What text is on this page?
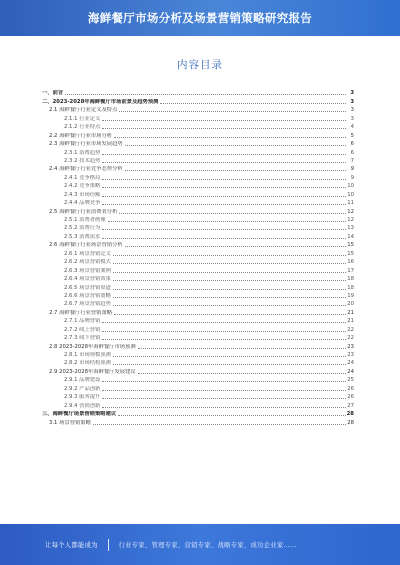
海鲜餐厅市场分析及场景营销策略研究报告
内容目录
一、前言	3
二、2023-2028年海鲜餐厅市场前景及趋势预测	3
2.1 海鲜餐厅行业定义及特点	3
2.1.1 行业定义	3
2.1.2 行业特点	4
2.2 海鲜餐厅行业市场分析	5
2.3 海鲜餐厅行业市场发展趋势	6
2.3.1 消费趋势	6
2.3.2 技术趋势	7
2.4 海鲜餐厅行业竞争态势分析	9
2.4.1 竞争格局	9
2.4.2 竞争策略	10
2.4.3 市场份额	10
2.4.4 品牌竞争	11
2.5 海鲜餐厅行业消费者分析	12
2.5.1 消费者画像	12
2.5.2 消费行为	13
2.5.3 消费需求	14
2.6 海鲜餐厅行业场景营销分析	15
2.6.1 场景营销定义	15
2.6.2 场景营销模式	16
2.6.3 场景营销案例	17
2.6.4 场景营销效果	18
2.6.5 场景营销渠道	18
2.6.6 场景营销策略	19
2.6.7 场景营销趋势	20
2.7 海鲜餐厅行业营销策略	21
2.7.1 品牌营销	21
2.7.2 线上营销	22
2.7.3 线下营销	22
2.8 2023-2028年海鲜餐厅市场预测	23
2.8.1 市场规模预测	23
2.8.2 市场结构预测	24
2.9 2023-2028年海鲜餐厅发展建议	24
2.9.1 品牌建设	25
2.9.2 产品创新	26
2.9.3 服务提升	26
2.9.4 营销创新	27
三、海鲜餐厅场景营销策略建议	28
3.1 场景营销策略	28
让每个人都能成为	行业专家、管理专家、营销专家、战略专家、成功企业家……
